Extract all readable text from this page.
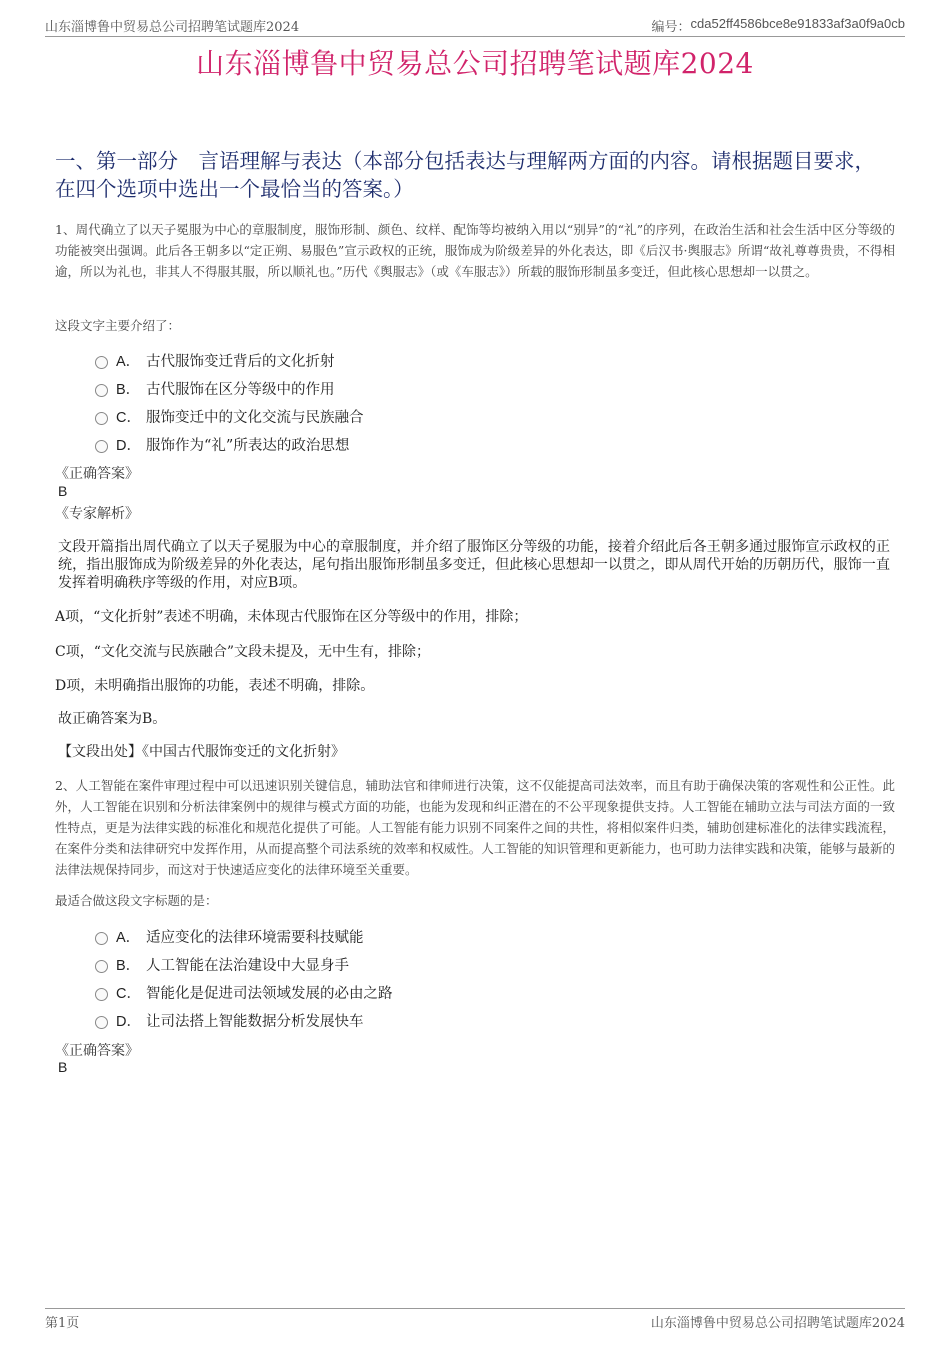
山东淄博鲁中贸易总公司招聘笔试题库2024	编号： cda52ff4586bce8e91833af3a0f9a0cb
山东淄博鲁中贸易总公司招聘笔试题库2024
一、第一部分　言语理解与表达（本部分包括表达与理解两方面的内容。请根据题目要求，在四个选项中选出一个最恰当的答案。）
1、周代确立了以天子冕服为中心的章服制度，服饰形制、颜色、纹样、配饰等均被纳入用以“别异”的“礼”的序列，在政治生活和社会生活中区分等级的功能被突出强调。此后各王朝多以“定正朔、易服色”宣示政权的正统，服饰成为阶级差异的外化表达，即《后汉书·舆服志》所谓“故礼尊尊贵贵，不得相逾，所以为礼也，非其人不得服其服，所以顺礼也。”历代《舆服志》（或《车服志》）所载的服饰形制虽多变迁，但此核心思想却一以贯之。
这段文字主要介绍了：
A． 古代服饰变迁背后的文化折射
B． 古代服饰在区分等级中的作用
C． 服饰变迁中的文化交流与民族融合
D． 服饰作为“礼”所表达的政治思想
《正确答案》
B
《专家解析》
文段开篇指出周代确立了以天子冕服为中心的章服制度，并介绍了服饰区分等级的功能，接着介绍此后各王朝多通过服饰宣示政权的正统，指出服饰成为阶级差异的外化表达，尾句指出服饰形制虽多变迁，但此核心思想却一以贯之，即从周代开始的历朝历代，服饰一直发挥着明确秩序等级的作用，对应B项。
A项，“文化折射”表述不明确，未体现古代服饰在区分等级中的作用，排除；
C项，“文化交流与民族融合”文段未提及，无中生有，排除；
D项，未明确指出服饰的功能，表述不明确，排除。
故正确答案为B。
【文段出处】《中国古代服饰变迁的文化折射》
2、人工智能在案件审理过程中可以迅速识别关键信息，辅助法官和律师进行决策，这不仅能提高司法效率，而且有助于确保决策的客观性和公正性。此外，人工智能在识别和分析法律案例中的规律与模式方面的功能，也能为发现和纠正潜在的不公平现象提供支持。人工智能在辅助立法与司法方面的一致性特点，更是为法律实践的标准化和规范化提供了可能。人工智能有能力识别不同案件之间的共性，将相似案件归类，辅助创建标准化的法律实践流程，在案件分类和法律研究中发挥作用，从而提高整个司法系统的效率和权威性。人工智能的知识管理和更新能力，也可助力法律实践和决策，能够与最新的法律法规保持同步，而这对于快速适应变化的法律环境至关重要。
最适合做这段文字标题的是：
A． 适应变化的法律环境需要科技赋能
B． 人工智能在法治建设中大显身手
C． 智能化是促进司法领域发展的必由之路
D． 让司法搭上智能数据分析发展快车
《正确答案》
B
第1页	山东淄博鲁中贸易总公司招聘笔试题库2024
